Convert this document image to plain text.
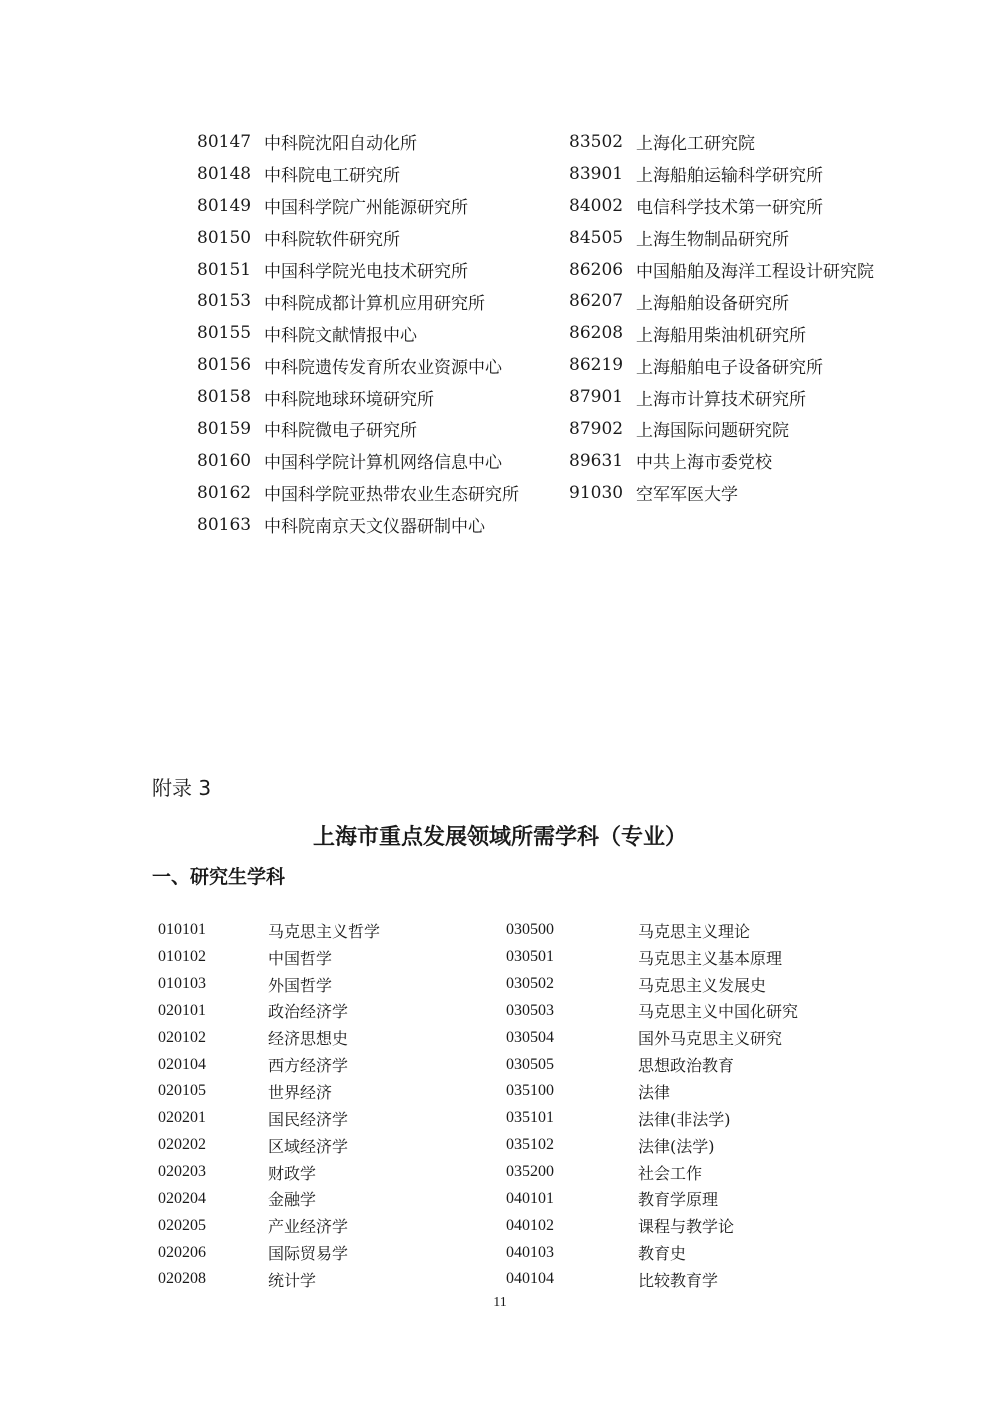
80147 中科院沈阳自动化所
80148 中科院电工研究所
80149 中国科学院广州能源研究所
80150 中科院软件研究所
80151 中国科学院光电技术研究所
80153 中科院成都计算机应用研究所
80155 中科院文献情报中心
80156 中科院遗传发育所农业资源中心
80158 中科院地球环境研究所
80159 中科院微电子研究所
80160 中国科学院计算机网络信息中心
80162 中国科学院亚热带农业生态研究所
80163 中科院南京天文仪器研制中心
83502 上海化工研究院
83901 上海船舶运输科学研究所
84002 电信科学技术第一研究所
84505 上海生物制品研究所
86206 中国船舶及海洋工程设计研究院
86207 上海船舶设备研究所
86208 上海船用柴油机研究所
86219 上海船舶电子设备研究所
87901 上海市计算技术研究所
87902 上海国际问题研究院
89631 中共上海市委党校
91030 空军军医大学
附录 3
上海市重点发展领域所需学科（专业）
一、研究生学科
010101	马克思主义哲学
010102	中国哲学
010103	外国哲学
020101	政治经济学
020102	经济思想史
020104	西方经济学
020105	世界经济
020201	国民经济学
020202	区域经济学
020203	财政学
020204	金融学
020205	产业经济学
020206	国际贸易学
020208	统计学
030500	马克思主义理论
030501	马克思主义基本原理
030502	马克思主义发展史
030503	马克思主义中国化研究
030504	国外马克思主义研究
030505	思想政治教育
035100	法律
035101	法律(非法学)
035102	法律(法学)
035200	社会工作
040101	教育学原理
040102	课程与教学论
040103	教育史
040104	比较教育学
11
